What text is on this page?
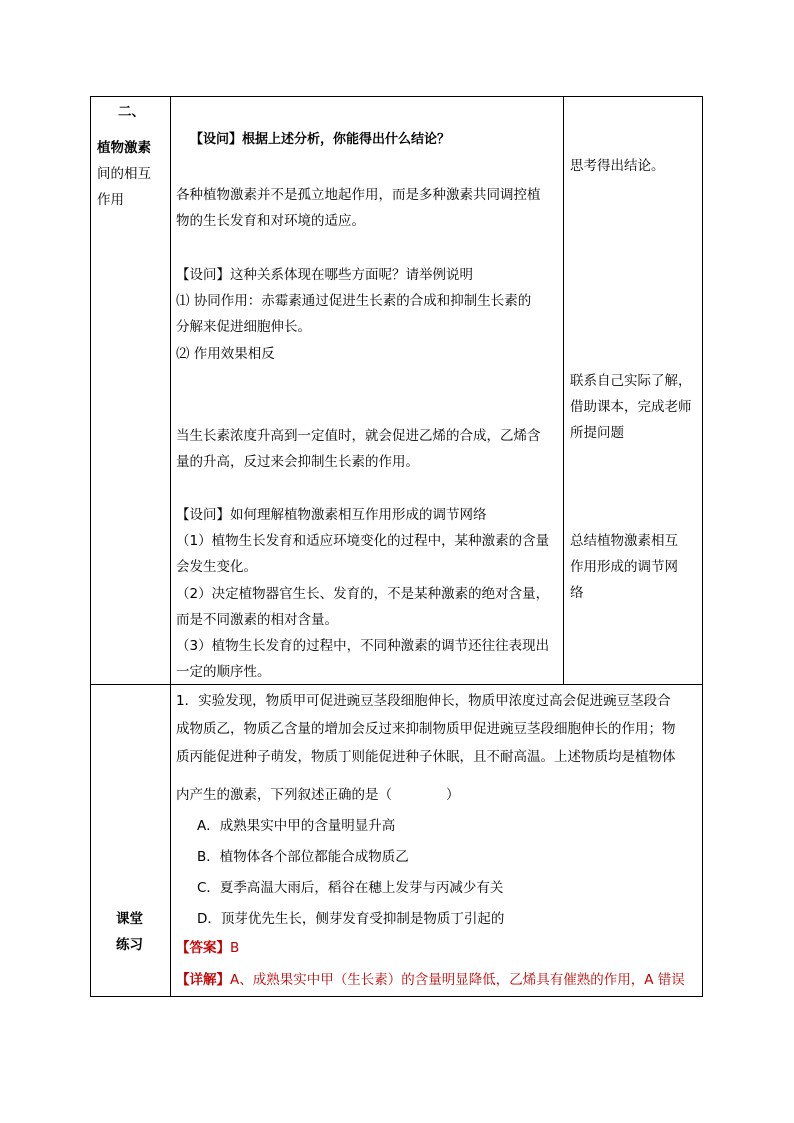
二、
植物激素
间的相互
作用
【设问】根据上述分析，你能得出什么结论？
各种植物激素并不是孤立地起作用，而是多种激素共同调控植
物的生长发育和对环境的适应。
【设问】这种关系体现在哪些方面呢？请举例说明
⑴ 协同作用：赤霉素通过促进生长素的合成和抑制生长素的
分解来促进细胞伸长。
⑵ 作用效果相反
当生长素浓度升高到一定值时，就会促进乙烯的合成，乙烯含
量的升高，反过来会抑制生长素的作用。
【设问】如何理解植物激素相互作用形成的调节网络
（1）植物生长发育和适应环境变化的过程中，某种激素的含量
会发生变化。
（2）决定植物器官生长、发育的，不是某种激素的绝对含量，
而是不同激素的相对含量。
（3）植物生长发育的过程中，不同种激素的调节还往往表现出
一定的顺序性。
思考得出结论。
联系自己实际了解，
借助课本，完成老师
所提问题
总结植物激素相互
作用形成的调节网
络
课堂
练习
1．实验发现，物质甲可促进豌豆茎段细胞伸长，物质甲浓度过高会促进豌豆茎段合
成物质乙，物质乙含量的增加会反过来抑制物质甲促进豌豆茎段细胞伸长的作用；物
质丙能促进种子萌发，物质丁则能促进种子休眠，且不耐高温。上述物质均是植物体
内产生的激素，下列叙述正确的是（　　　　）
A．成熟果实中甲的含量明显升高
B．植物体各个部位都能合成物质乙
C．夏季高温大雨后，稻谷在穗上发芽与丙减少有关
D．顶芽优先生长，侧芽发育受抑制是物质丁引起的
【答案】B
【详解】A、成熟果实中甲（生长素）的含量明显降低，乙烯具有催熟的作用，A 错误
